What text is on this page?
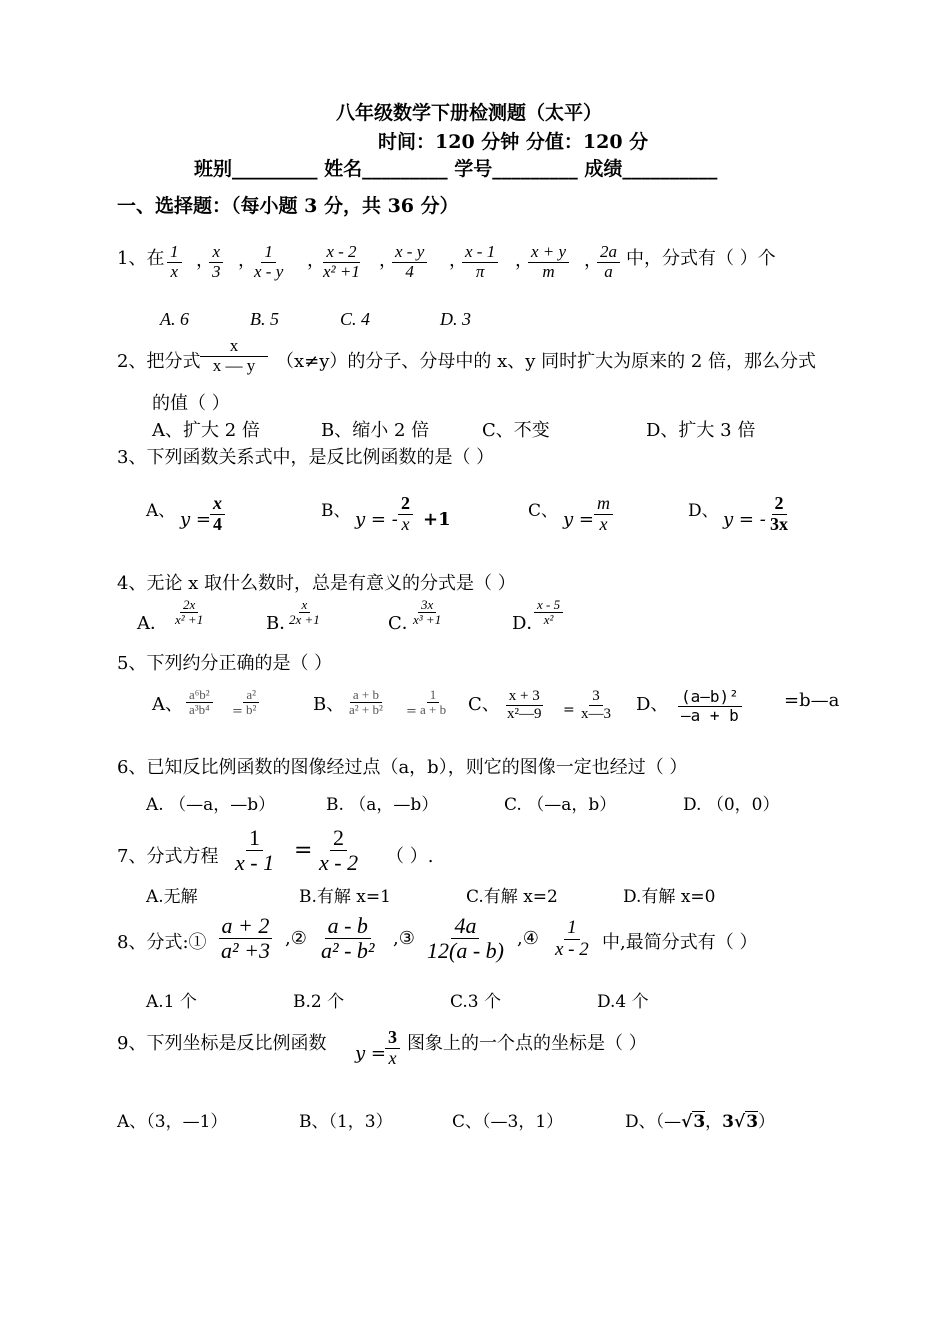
八年级数学下册检测题（太平）
时间：120 分钟 分值：120 分
班别_________ 姓名_________ 学号_________ 成绩__________
一、选择题：（每小题 3 分，共 36 分）
1、在 $\frac{1}{x}$ ，
$\frac{x}{3}$ ，
$\frac{1}{x - y}$ ，
$\frac{x - 2}{\text{x² +1}}$ ，
$\frac{x - y}{4}$ ，
$\frac{x - 1}{\pi}$ ，
$\frac{x + y}{m}$ ，
$\frac{2a}{a}$ 中，分式有（ ）个
A. 6	B. 5	C. 4	D. 3
2、把分式 $\frac{x}{x — y} (x\ne y)$的分子、分母中的 x、y 同时扩大为原来的 2 倍，那么分式
的值（ ）
A、扩大 2 倍	B、缩小 2 倍	C、不变	D、扩大 3 倍
3、下列函数关系式中，是反比例函数的是（ ）
A、	B、	C、	D、
$y = \frac{x}{4}$	y = - $\frac{2}{x} +1$	$y = \frac{m}{x}$	y = - $\frac{2}{3x}$
4、无论 x 取什么数时，总是有意义的分式是（ ）
A．	B．	C．	D．
$\frac{2x}{\text{x² +1}}$	$\frac{x}{2x +1}$	$\frac{3x}{\text{x³ +1}}$	$\frac{x - 5}{\text{x²}}$
5、下列约分正确的是（ ）
A、	B、	C、	D、
$\frac{\text{a⁶b²}}{\text{a³b⁴}} = \frac{\text{a²}}{\text{b²}}$	$\frac{a + b}{\text{a² + b²}} = \frac{1}{a + b}$	$\frac{x + 3}{\text{x²—9}} = \frac{3}{x—3}$	$\frac{\text{(a—b)²}}{—a + b}$ =b—a
6、已知反比例函数的图像经过点（a，b），则它的图像一定也经过（ ）
A. （—a，—b）	B. （a，—b）	C. （—a，b）	D. （0，0）
7、分式方程 $\frac{1}{x - 1} = \frac{2}{x - 2}$ （ ）.
A.无解	B.有解 x=1	C.有解 x=2	D.有解 x=0
8、分式:① $\frac{a + 2}{\text{a² +3}}$ ,② $\frac{a - b}{\text{a² - b²}}$ ,③ $\frac{4a}{12(a - b)}$ ,④ $\frac{1}{x - 2}$ 中,最简分式有（ ）
A.1 个	B.2 个	C.3 个	D.4 个
9、下列坐标是反比例函数 $y = \frac{3}{x}$ 图象上的一个点的坐标是（ ）
A、（3，—1）	B、（1，3）	C、（—3，1）	D、（—√3，3√3）
